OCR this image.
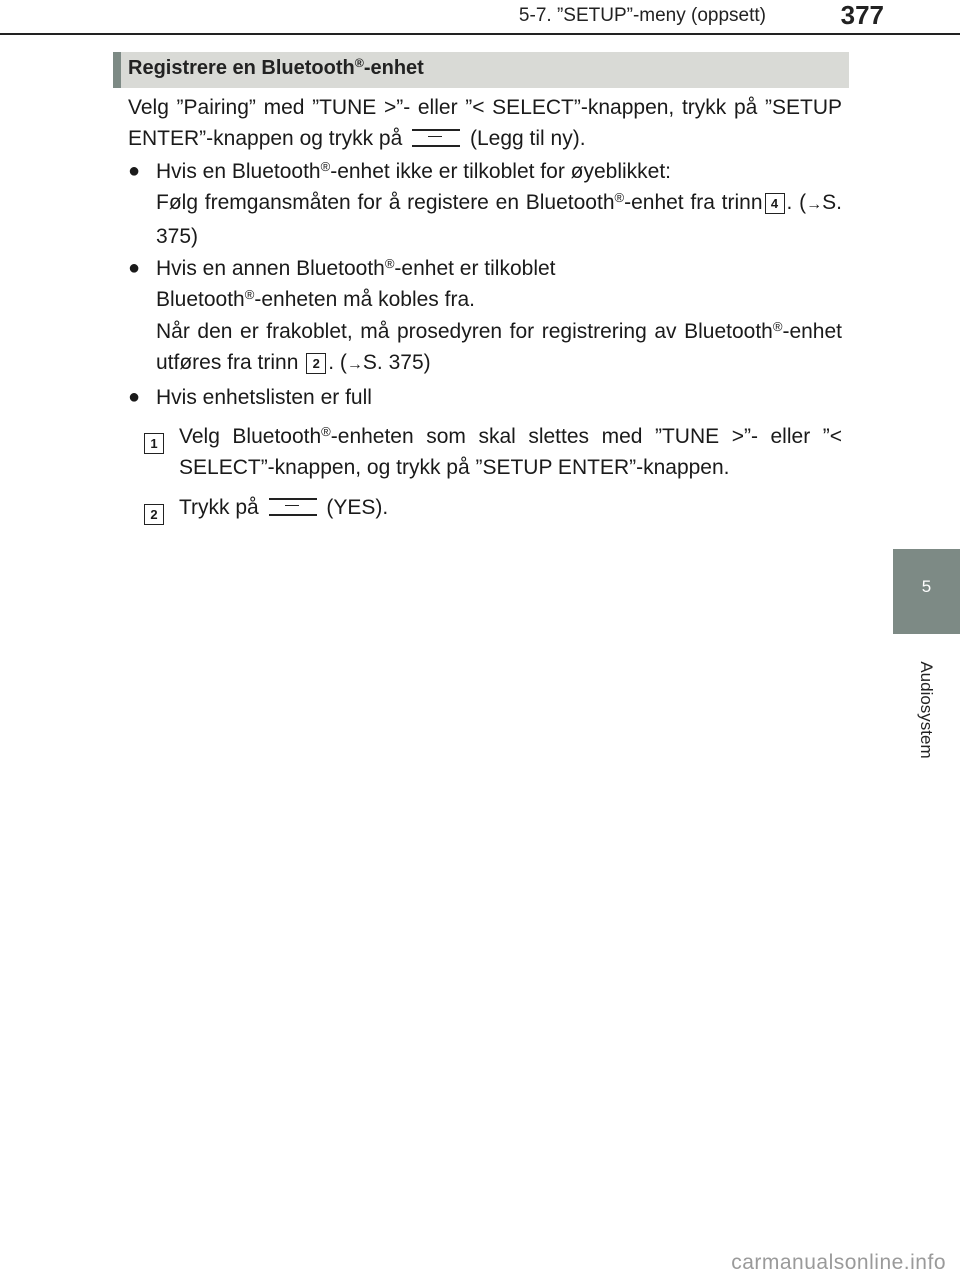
5-7. ”SETUP”-meny (oppsett)	377
5
Audiosystem
Registrere en Bluetooth®-enhet

Velg ”Pairing” med ”TUNE >”- eller ”< SELECT”-knappen, trykk på ”SETUP ENTER”-knappen og trykk på	(Legg til ny).

● Hvis en Bluetooth®-enhet ikke er tilkoblet for øyeblikket:
Følg fremgansmåten for å registere en Bluetooth®-enhet fra trinn 4 . (→S. 375)
● Hvis en annen Bluetooth®-enhet er tilkoblet
Bluetooth®-enheten må kobles fra.
Når den er frakoblet, må prosedyren for registrering av Bluetooth®-enhet utføres fra trinn 2 . (→S. 375)
● Hvis enhetslisten er full
1	Velg Bluetooth®-enheten som skal slettes med ”TUNE >”- eller ”< SELECT”-knappen, og trykk på ”SETUP ENTER”-knappen.
2	Trykk på	(YES).
carmanualsonline.info
